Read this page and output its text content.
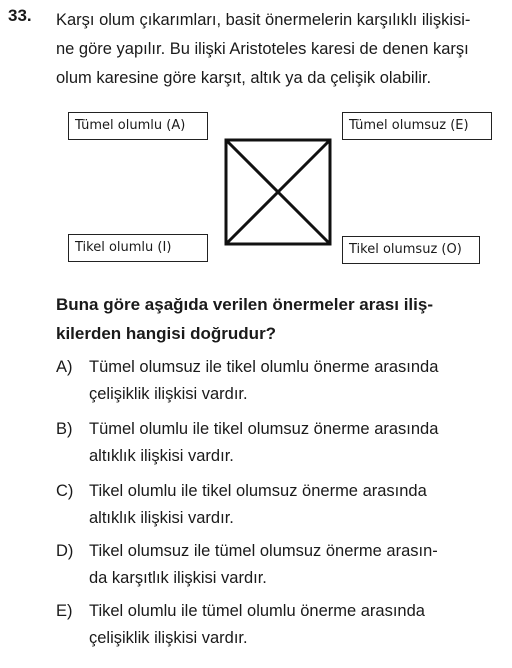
33. Karşı olum çıkarımları, basit önermelerin karşılıklı ilişkisi-
ne göre yapılır. Bu ilişki Aristoteles karesi de denen karşı
olum karesine göre karşıt, altık ya da çelişik olabilir.
Tümel olumlu (A)	Tümel olumsuz (E)
Tikel olumlu (I)	Tikel olumsuz (O)
Buna göre aşağıda verilen önermeler arası iliş-
kilerden hangisi doğrudur?
A) Tümel olumsuz ile tikel olumlu önerme arasında
çelişiklik ilişkisi vardır.
B) Tümel olumlu ile tikel olumsuz önerme arasında
altıklık ilişkisi vardır.
C) Tikel olumlu ile tikel olumsuz önerme arasında
altıklık ilişkisi vardır.
D) Tikel olumsuz ile tümel olumsuz önerme arasın-
da karşıtlık ilişkisi vardır.
E) Tikel olumlu ile tümel olumlu önerme arasında
çelişiklik ilişkisi vardır.
